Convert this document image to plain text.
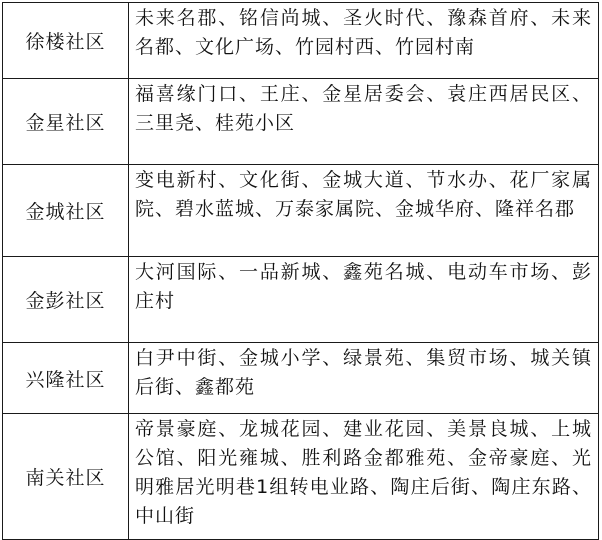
徐楼社区	未来名郡、铭信尚城、圣火时代、豫森首府、未来名都、文化广场、竹园村西、竹园村南
金星社区	福喜缘门口、王庄、金星居委会、袁庄西居民区、三里尧、桂苑小区
金城社区	变电新村、文化街、金城大道、节水办、花厂家属院、碧水蓝城、万泰家属院、金城华府、隆祥名郡
金彭社区	大河国际、一品新城、鑫苑名城、电动车市场、彭庄村
兴隆社区	白尹中街、金城小学、绿景苑、集贸市场、城关镇后街、鑫都苑
南关社区	帝景豪庭、龙城花园、建业花园、美景良城、上城公馆、阳光雍城、胜利路金都雅苑、金帝豪庭、光明雅居光明巷1组转电业路、陶庄后街、陶庄东路、中山街
